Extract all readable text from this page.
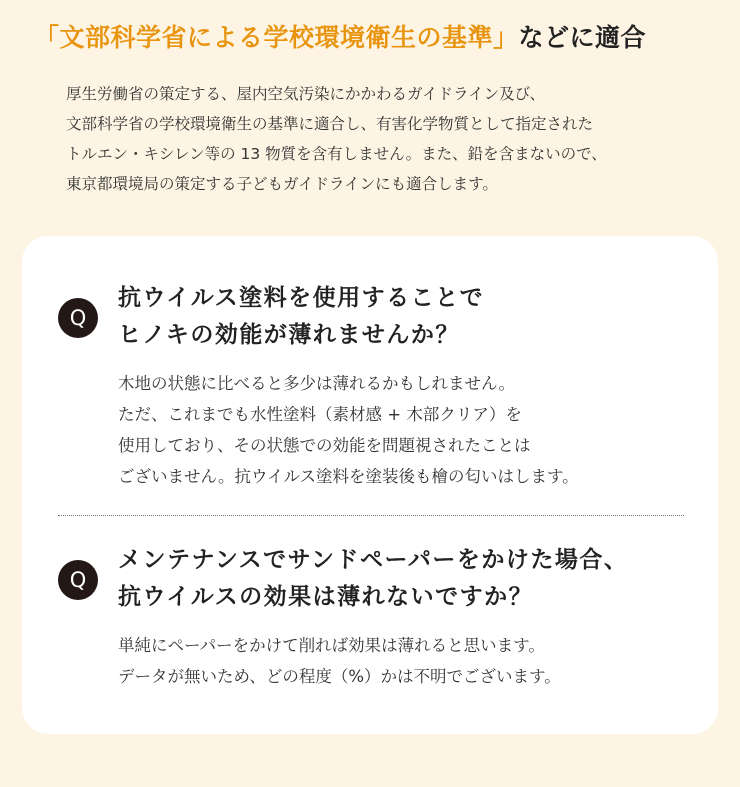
「文部科学省による学校環境衛生の基準」などに適合

厚生労働省の策定する、屋内空気汚染にかかわるガイドライン及び、

文部科学省の学校環境衛生の基準に適合し、有害化学物質として指定された

トルエン・キシレン等の 13 物質を含有しません。また、鉛を含まないので、

東京都環境局の策定する子どもガイドラインにも適合します。

Q
抗ウイルス塗料を使用することで
ヒノキの効能が薄れませんか？
木地の状態に比べると多少は薄れるかもしれません。
ただ、これまでも水性塗料（素材感 + 木部クリア）を
使用しており、その状態での効能を問題視されたことは
ございません。抗ウイルス塗料を塗装後も檜の匂いはします。
Q
メンテナンスでサンドペーパーをかけた場合、
抗ウイルスの効果は薄れないですか？
単純にペーパーをかけて削れば効果は薄れると思います。
データが無いため、どの程度（%）かは不明でございます。
